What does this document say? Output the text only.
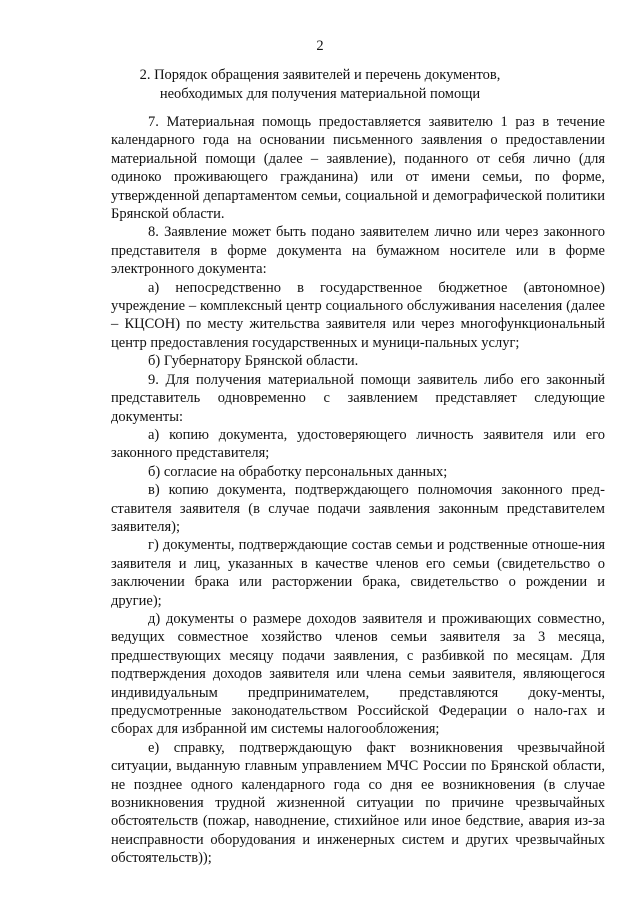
2
2. Порядок обращения заявителей и перечень документов,
необходимых для получения материальной помощи

7. Материальная помощь предоставляется заявителю 1 раз в течение календарного года на основании письменного заявления о предоставлении материальной помощи (далее – заявление), поданного от себя лично (для одиноко проживающего гражданина) или от имени семьи, по форме, утвержденной департаментом семьи, социальной и демографической политики Брянской области.

8. Заявление может быть подано заявителем лично или через законного представителя в форме документа на бумажном носителе или в форме электронного документа:

а) непосредственно в государственное бюджетное (автономное) учреждение – комплексный центр социального обслуживания населения (далее – КЦСОН) по месту жительства заявителя или через многофункциональный центр предоставления государственных и муници-пальных услуг;

б) Губернатору Брянской области.

9. Для получения материальной помощи заявитель либо его законный представитель одновременно с заявлением представляет следующие документы:

а) копию документа, удостоверяющего личность заявителя или его законного представителя;

б) согласие на обработку персональных данных;

в) копию документа, подтверждающего полномочия законного пред-ставителя заявителя (в случае подачи заявления законным представителем заявителя);

г) документы, подтверждающие состав семьи и родственные отноше-ния заявителя и лиц, указанных в качестве членов его семьи (свидетельство о заключении брака или расторжении брака, свидетельство о рождении и другие);

д) документы о размере доходов заявителя и проживающих совместно, ведущих совместное хозяйство членов семьи заявителя за 3 месяца, предшествующих месяцу подачи заявления, с разбивкой по месяцам. Для подтверждения доходов заявителя или члена семьи заявителя, являющегося индивидуальным предпринимателем, представляются доку-менты, предусмотренные законодательством Российской Федерации о нало-гах и сборах для избранной им системы налогообложения;

е) справку, подтверждающую факт возникновения чрезвычайной ситуации, выданную главным управлением МЧС России по Брянской области, не позднее одного календарного года со дня ее возникновения (в случае возникновения трудной жизненной ситуации по причине чрезвычайных обстоятельств (пожар, наводнение, стихийное или иное бедствие, авария из-за неисправности оборудования и инженерных систем и других чрезвычайных обстоятельств));
